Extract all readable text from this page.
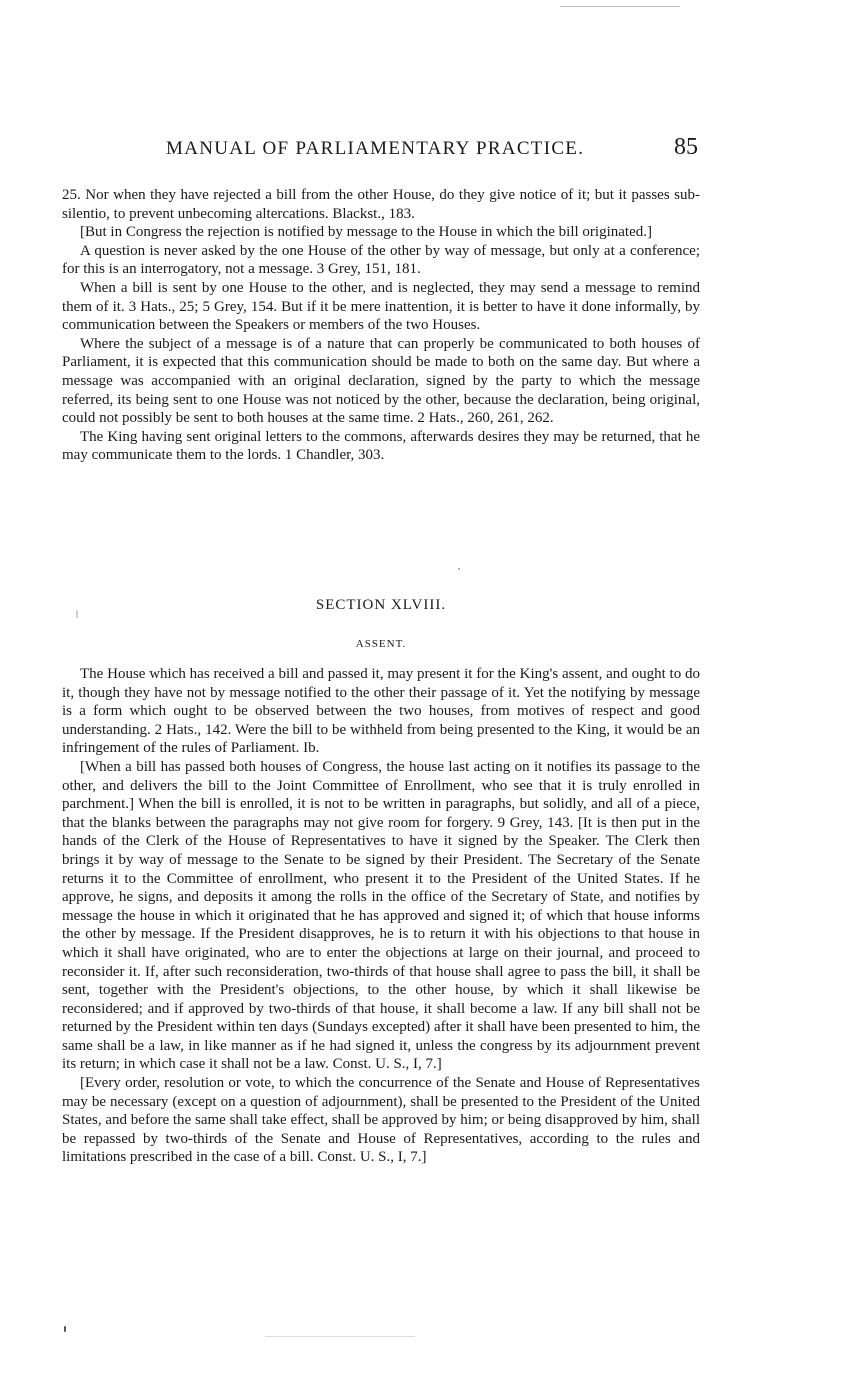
MANUAL OF PARLIAMENTARY PRACTICE.	85

25. Nor when they have rejected a bill from the other House, do they give notice of it; but it passes sub-silentio, to prevent unbecoming altercations. Blackst., 183.

[But in Congress the rejection is notified by message to the House in which the bill originated.]

A question is never asked by the one House of the other by way of message, but only at a conference; for this is an interrogatory, not a message. 3 Grey, 151, 181.

When a bill is sent by one House to the other, and is neglected, they may send a message to remind them of it. 3 Hats., 25; 5 Grey, 154. But if it be mere inattention, it is better to have it done informally, by communication between the Speakers or members of the two Houses.

Where the subject of a message is of a nature that can properly be communicated to both houses of Parliament, it is expected that this communication should be made to both on the same day. But where a message was accompanied with an original declaration, signed by the party to which the message referred, its being sent to one House was not noticed by the other, because the declaration, being original, could not possibly be sent to both houses at the same time. 2 Hats., 260, 261, 262.

The King having sent original letters to the commons, afterwards desires they may be returned, that he may communicate them to the lords. 1 Chandler, 303.

SECTION XLVIII.
ASSENT.

The House which has received a bill and passed it, may present it for the King's assent, and ought to do it, though they have not by message notified to the other their passage of it. Yet the notifying by message is a form which ought to be observed between the two houses, from motives of respect and good understanding. 2 Hats., 142. Were the bill to be withheld from being presented to the King, it would be an infringement of the rules of Parliament. Ib.

[When a bill has passed both houses of Congress, the house last acting on it notifies its passage to the other, and delivers the bill to the Joint Committee of Enrollment, who see that it is truly enrolled in parchment.] When the bill is enrolled, it is not to be written in paragraphs, but solidly, and all of a piece, that the blanks between the paragraphs may not give room for forgery. 9 Grey, 143. [It is then put in the hands of the Clerk of the House of Representatives to have it signed by the Speaker. The Clerk then brings it by way of message to the Senate to be signed by their President. The Secretary of the Senate returns it to the Committee of enrollment, who present it to the President of the United States. If he approve, he signs, and deposits it among the rolls in the office of the Secretary of State, and notifies by message the house in which it originated that he has approved and signed it; of which that house informs the other by message. If the President disapproves, he is to return it with his objections to that house in which it shall have originated, who are to enter the objections at large on their journal, and proceed to reconsider it. If, after such reconsideration, two-thirds of that house shall agree to pass the bill, it shall be sent, together with the President's objections, to the other house, by which it shall likewise be reconsidered; and if approved by two-thirds of that house, it shall become a law. If any bill shall not be returned by the President within ten days (Sundays excepted) after it shall have been presented to him, the same shall be a law, in like manner as if he had signed it, unless the congress by its adjournment prevent its return; in which case it shall not be a law. Const. U. S., I, 7.]

[Every order, resolution or vote, to which the concurrence of the Senate and House of Representatives may be necessary (except on a question of adjournment), shall be presented to the President of the United States, and before the same shall take effect, shall be approved by him; or being disapproved by him, shall be repassed by two-thirds of the Senate and House of Representatives, according to the rules and limitations prescribed in the case of a bill. Const. U. S., I, 7.]
